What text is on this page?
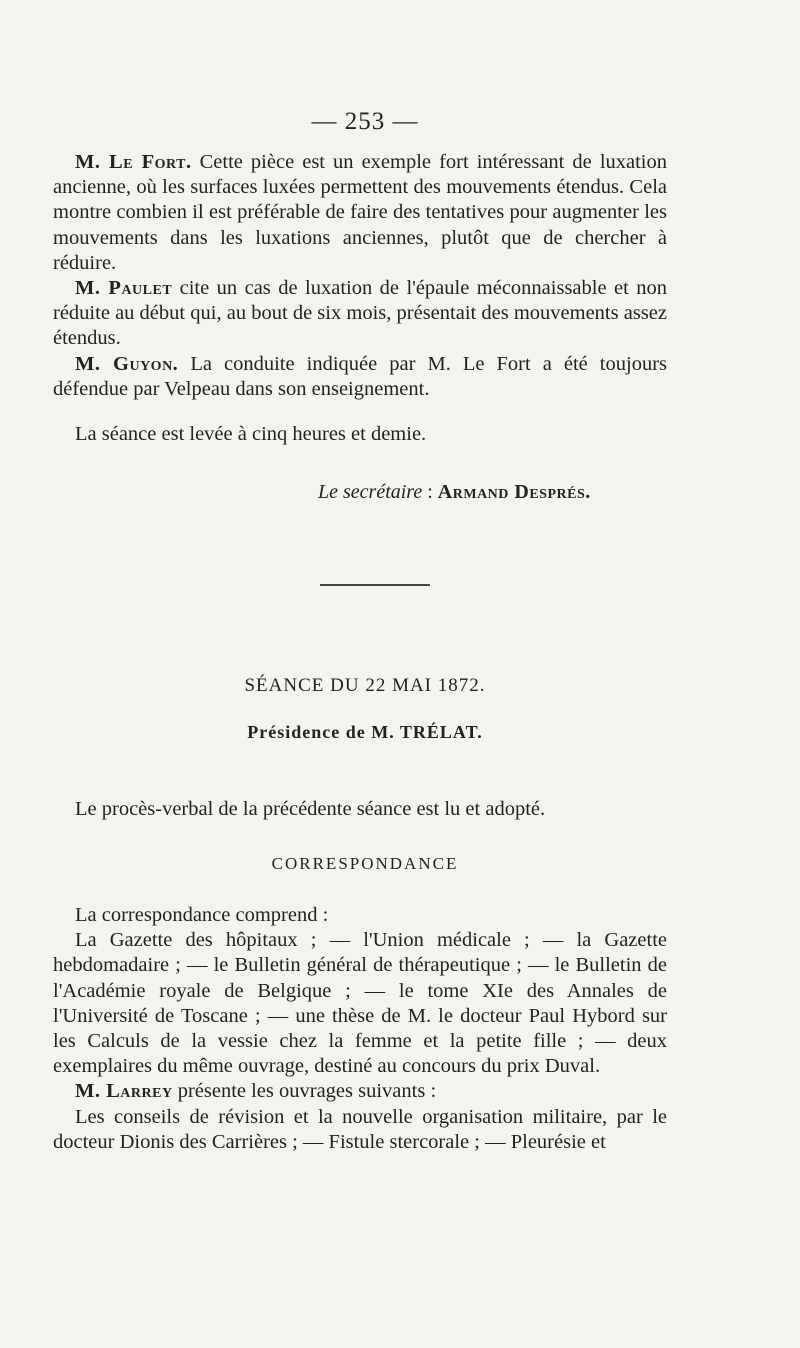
— 253 —

M. Le Fort. Cette pièce est un exemple fort intéressant de luxation ancienne, où les surfaces luxées permettent des mouvements étendus. Cela montre combien il est préférable de faire des tentatives pour augmenter les mouvements dans les luxations anciennes, plutôt que de chercher à réduire.

M. Paulet cite un cas de luxation de l'épaule méconnaissable et non réduite au début qui, au bout de six mois, présentait des mouvements assez étendus.

M. Guyon. La conduite indiquée par M. Le Fort a été toujours défendue par Velpeau dans son enseignement.

La séance est levée à cinq heures et demie.

Le secrétaire : Armand Després.
SÉANCE DU 22 MAI 1872.
Présidence de M. TRÉLAT.

Le procès-verbal de la précédente séance est lu et adopté.

CORRESPONDANCE

La correspondance comprend :

La Gazette des hôpitaux ; — l'Union médicale ; — la Gazette hebdomadaire ; — le Bulletin général de thérapeutique ; — le Bulletin de l'Académie royale de Belgique ; — le tome XIe des Annales de l'Université de Toscane ; — une thèse de M. le docteur Paul Hybord sur les Calculs de la vessie chez la femme et la petite fille ; — deux exemplaires du même ouvrage, destiné au concours du prix Duval.

M. Larrey présente les ouvrages suivants :

Les conseils de révision et la nouvelle organisation militaire, par le docteur Dionis des Carrières ; — Fistule stercorale ; — Pleurésie et
